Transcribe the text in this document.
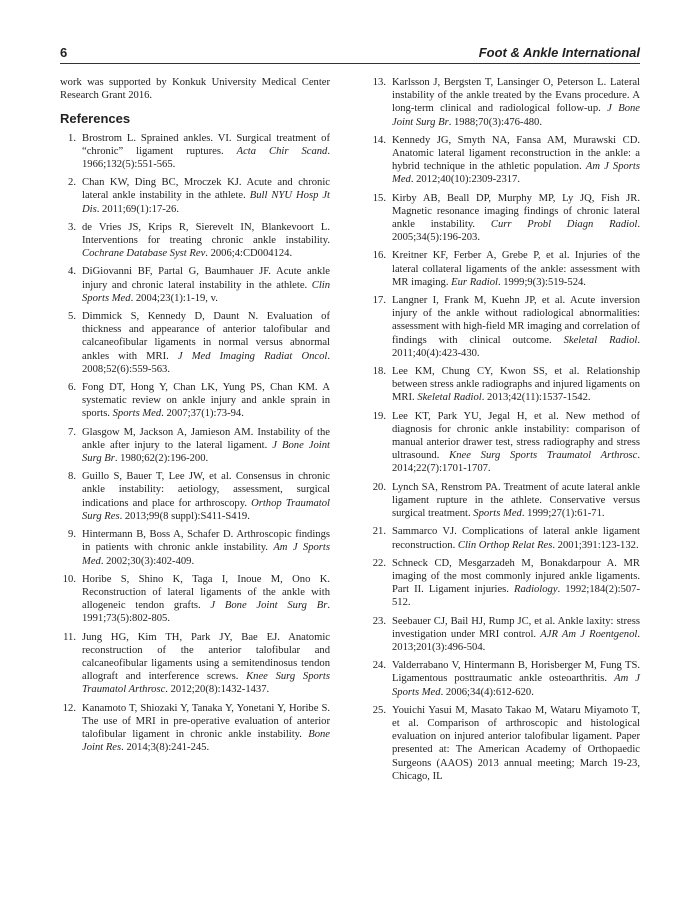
6	Foot & Ankle International

work was supported by Konkuk University Medical Center Research Grant 2016.

References
1. Brostrom L. Sprained ankles. VI. Surgical treatment of “chronic” ligament ruptures. Acta Chir Scand. 1966;132(5):551-565.
2. Chan KW, Ding BC, Mroczek KJ. Acute and chronic lateral ankle instability in the athlete. Bull NYU Hosp Jt Dis. 2011;69(1):17-26.
3. de Vries JS, Krips R, Sierevelt IN, Blankevoort L. Interventions for treating chronic ankle instability. Cochrane Database Syst Rev. 2006;4:CD004124.
4. DiGiovanni BF, Partal G, Baumhauer JF. Acute ankle injury and chronic lateral instability in the athlete. Clin Sports Med. 2004;23(1):1-19, v.
5. Dimmick S, Kennedy D, Daunt N. Evaluation of thickness and appearance of anterior talofibular and calcaneofibular ligaments in normal versus abnormal ankles with MRI. J Med Imaging Radiat Oncol. 2008;52(6):559-563.
6. Fong DT, Hong Y, Chan LK, Yung PS, Chan KM. A systematic review on ankle injury and ankle sprain in sports. Sports Med. 2007;37(1):73-94.
7. Glasgow M, Jackson A, Jamieson AM. Instability of the ankle after injury to the lateral ligament. J Bone Joint Surg Br. 1980;62(2):196-200.
8. Guillo S, Bauer T, Lee JW, et al. Consensus in chronic ankle instability: aetiology, assessment, surgical indications and place for arthroscopy. Orthop Traumatol Surg Res. 2013;99(8 suppl):S411-S419.
9. Hintermann B, Boss A, Schafer D. Arthroscopic findings in patients with chronic ankle instability. Am J Sports Med. 2002;30(3):402-409.
10. Horibe S, Shino K, Taga I, Inoue M, Ono K. Reconstruction of lateral ligaments of the ankle with allogeneic tendon grafts. J Bone Joint Surg Br. 1991;73(5):802-805.
11. Jung HG, Kim TH, Park JY, Bae EJ. Anatomic reconstruction of the anterior talofibular and calcaneofibular ligaments using a semitendinosus tendon allograft and interference screws. Knee Surg Sports Traumatol Arthrosc. 2012;20(8):1432-1437.
12. Kanamoto T, Shiozaki Y, Tanaka Y, Yonetani Y, Horibe S. The use of MRI in pre-operative evaluation of anterior talofibular ligament in chronic ankle instability. Bone Joint Res. 2014;3(8):241-245.
13. Karlsson J, Bergsten T, Lansinger O, Peterson L. Lateral instability of the ankle treated by the Evans procedure. A long-term clinical and radiological follow-up. J Bone Joint Surg Br. 1988;70(3):476-480.
14. Kennedy JG, Smyth NA, Fansa AM, Murawski CD. Anatomic lateral ligament reconstruction in the ankle: a hybrid technique in the athletic population. Am J Sports Med. 2012;40(10):2309-2317.
15. Kirby AB, Beall DP, Murphy MP, Ly JQ, Fish JR. Magnetic resonance imaging findings of chronic lateral ankle instability. Curr Probl Diagn Radiol. 2005;34(5):196-203.
16. Kreitner KF, Ferber A, Grebe P, et al. Injuries of the lateral collateral ligaments of the ankle: assessment with MR imaging. Eur Radiol. 1999;9(3):519-524.
17. Langner I, Frank M, Kuehn JP, et al. Acute inversion injury of the ankle without radiological abnormalities: assessment with high-field MR imaging and correlation of findings with clinical outcome. Skeletal Radiol. 2011;40(4):423-430.
18. Lee KM, Chung CY, Kwon SS, et al. Relationship between stress ankle radiographs and injured ligaments on MRI. Skeletal Radiol. 2013;42(11):1537-1542.
19. Lee KT, Park YU, Jegal H, et al. New method of diagnosis for chronic ankle instability: comparison of manual anterior drawer test, stress radiography and stress ultrasound. Knee Surg Sports Traumatol Arthrosc. 2014;22(7):1701-1707.
20. Lynch SA, Renstrom PA. Treatment of acute lateral ankle ligament rupture in the athlete. Conservative versus surgical treatment. Sports Med. 1999;27(1):61-71.
21. Sammarco VJ. Complications of lateral ankle ligament reconstruction. Clin Orthop Relat Res. 2001;391:123-132.
22. Schneck CD, Mesgarzadeh M, Bonakdarpour A. MR imaging of the most commonly injured ankle ligaments. Part II. Ligament injuries. Radiology. 1992;184(2):507-512.
23. Seebauer CJ, Bail HJ, Rump JC, et al. Ankle laxity: stress investigation under MRI control. AJR Am J Roentgenol. 2013;201(3):496-504.
24. Valderrabano V, Hintermann B, Horisberger M, Fung TS. Ligamentous posttraumatic ankle osteoarthritis. Am J Sports Med. 2006;34(4):612-620.
25. Youichi Yasui M, Masato Takao M, Wataru Miyamoto T, et al. Comparison of arthroscopic and histological evaluation on injured anterior talofibular ligament. Paper presented at: The American Academy of Orthopaedic Surgeons (AAOS) 2013 annual meeting; March 19-23, Chicago, IL
